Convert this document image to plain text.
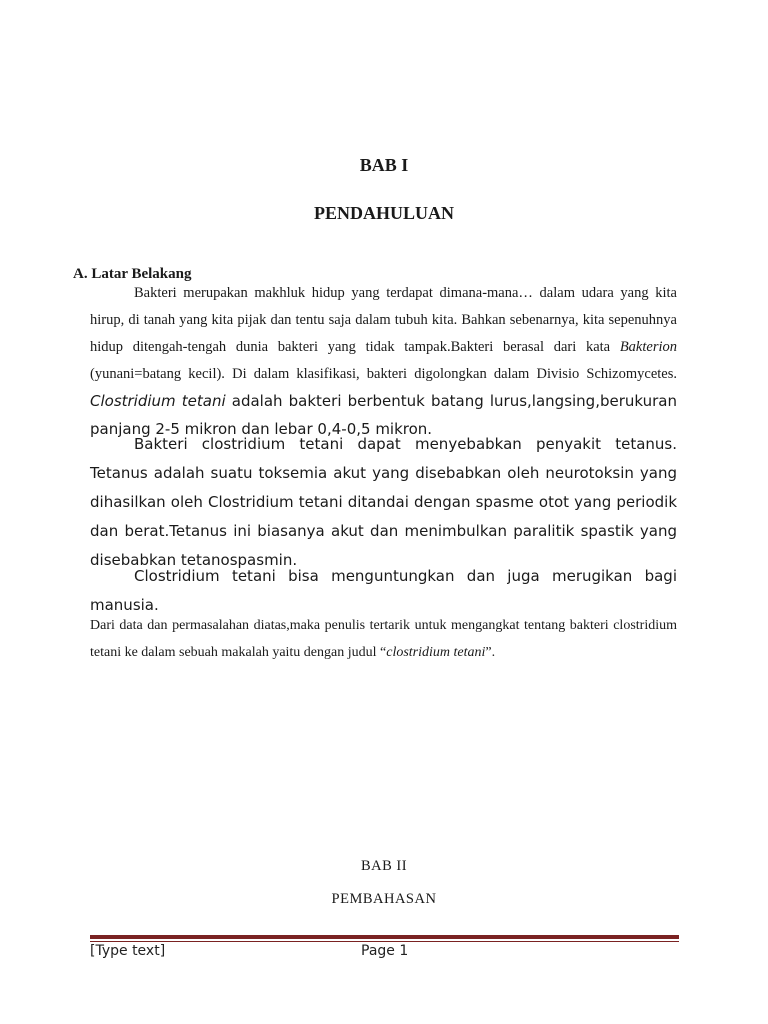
BAB I
PENDAHULUAN
A. Latar Belakang

Bakteri merupakan makhluk hidup yang terdapat dimana-mana… dalam udara yang kita hirup, di tanah yang kita pijak dan tentu saja dalam tubuh kita. Bahkan sebenarnya, kita sepenuhnya hidup ditengah-tengah dunia bakteri yang tidak tampak.Bakteri berasal dari kata Bakterion (yunani=batang kecil). Di dalam klasifikasi, bakteri digolongkan dalam Divisio Schizomycetes. Clostridium tetani adalah bakteri berbentuk batang lurus,langsing,berukuran panjang 2-5 mikron dan lebar 0,4-0,5 mikron.

Bakteri clostridium tetani dapat menyebabkan penyakit tetanus. Tetanus adalah suatu toksemia akut yang disebabkan oleh neurotoksin yang dihasilkan oleh Clostridium tetani ditandai dengan spasme otot yang periodik dan berat.Tetanus ini biasanya akut dan menimbulkan paralitik spastik yang disebabkan tetanospasmin.

Clostridium tetani bisa menguntungkan dan juga merugikan bagi manusia.

Dari data dan permasalahan diatas,maka penulis tertarik untuk mengangkat tentang bakteri clostridium tetani ke dalam sebuah makalah yaitu dengan judul “clostridium tetani”.

BAB II
PEMBAHASAN
[Type text]	Page 1
